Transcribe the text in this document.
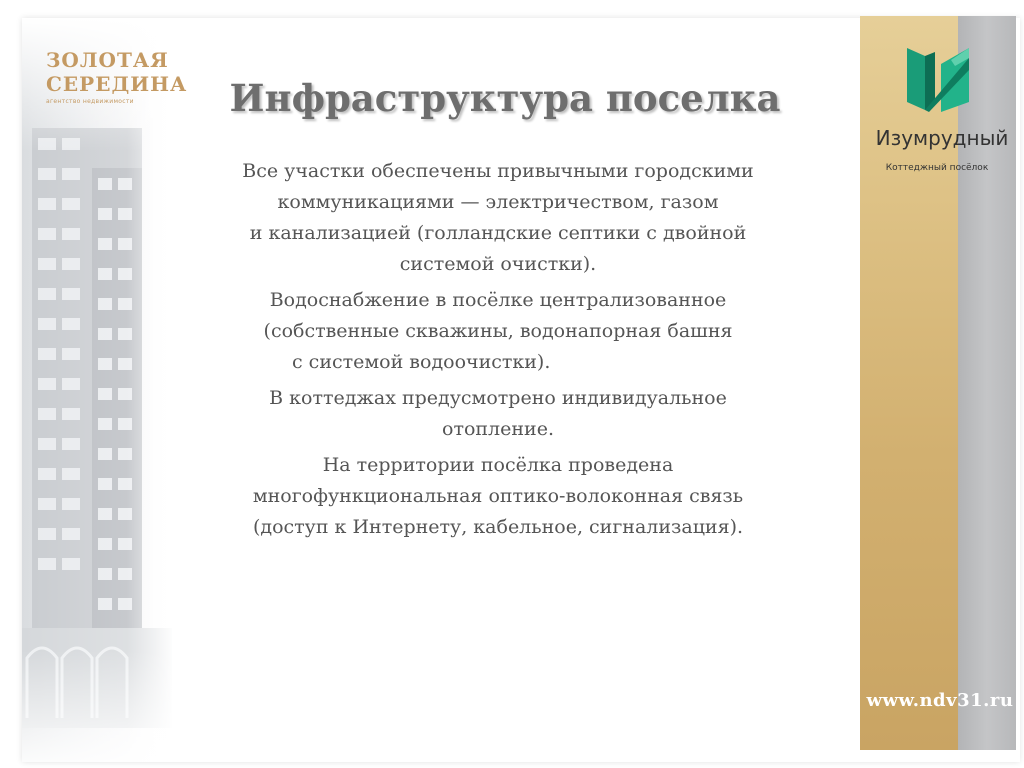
ЗОЛОТАЯ
СЕРЕДИНА
агентство недвижимости
Изумрудный
Коттеджный посёлок
www.ndv31.ru
Инфраструктура поселка

Все участки обеспечены привычными городскими
коммуникациями — электричеством, газом
и канализацией (голландские септики с двойной
системой очистки).

Водоснабжение в посёлке централизованное
(собственные скважины, водонапорная башня
с системой водоочистки).

В коттеджах предусмотрено индивидуальное
отопление.

На территории посёлка проведена
многофункциональная оптико-волоконная связь
(доступ к Интернету, кабельное, сигнализация).
